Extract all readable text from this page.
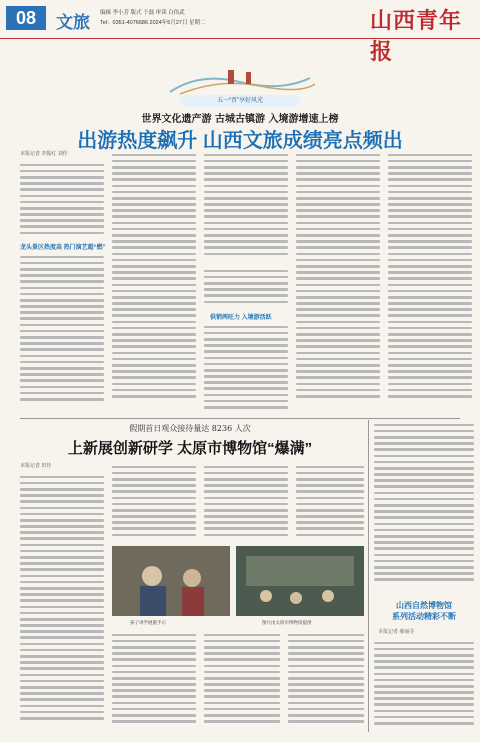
08	文旅 编辑 李小芳 版式 于磊 审读 白伟武
Tel：0351-4076686 2024年5月27日 星期二	山西青年报
五一“晋”享好风光
世界文化遗产游 古城古镇游 入境游增速上榜
出游热度飙升 山西文旅成绩亮点频出
本报记者 李振红 刘佳
龙头景区热度高 热门演艺超“燃”
供销两旺力 入境游活跃
假期首日观众接待量达 8236 人次
上新展创新研学 太原市博物馆“爆满”
本报记者 田佳
孩子讲学展旅手示	图片由太原市博物馆提供
山西自然博物馆
系列活动精彩不断
本报记者 郝丽芬
